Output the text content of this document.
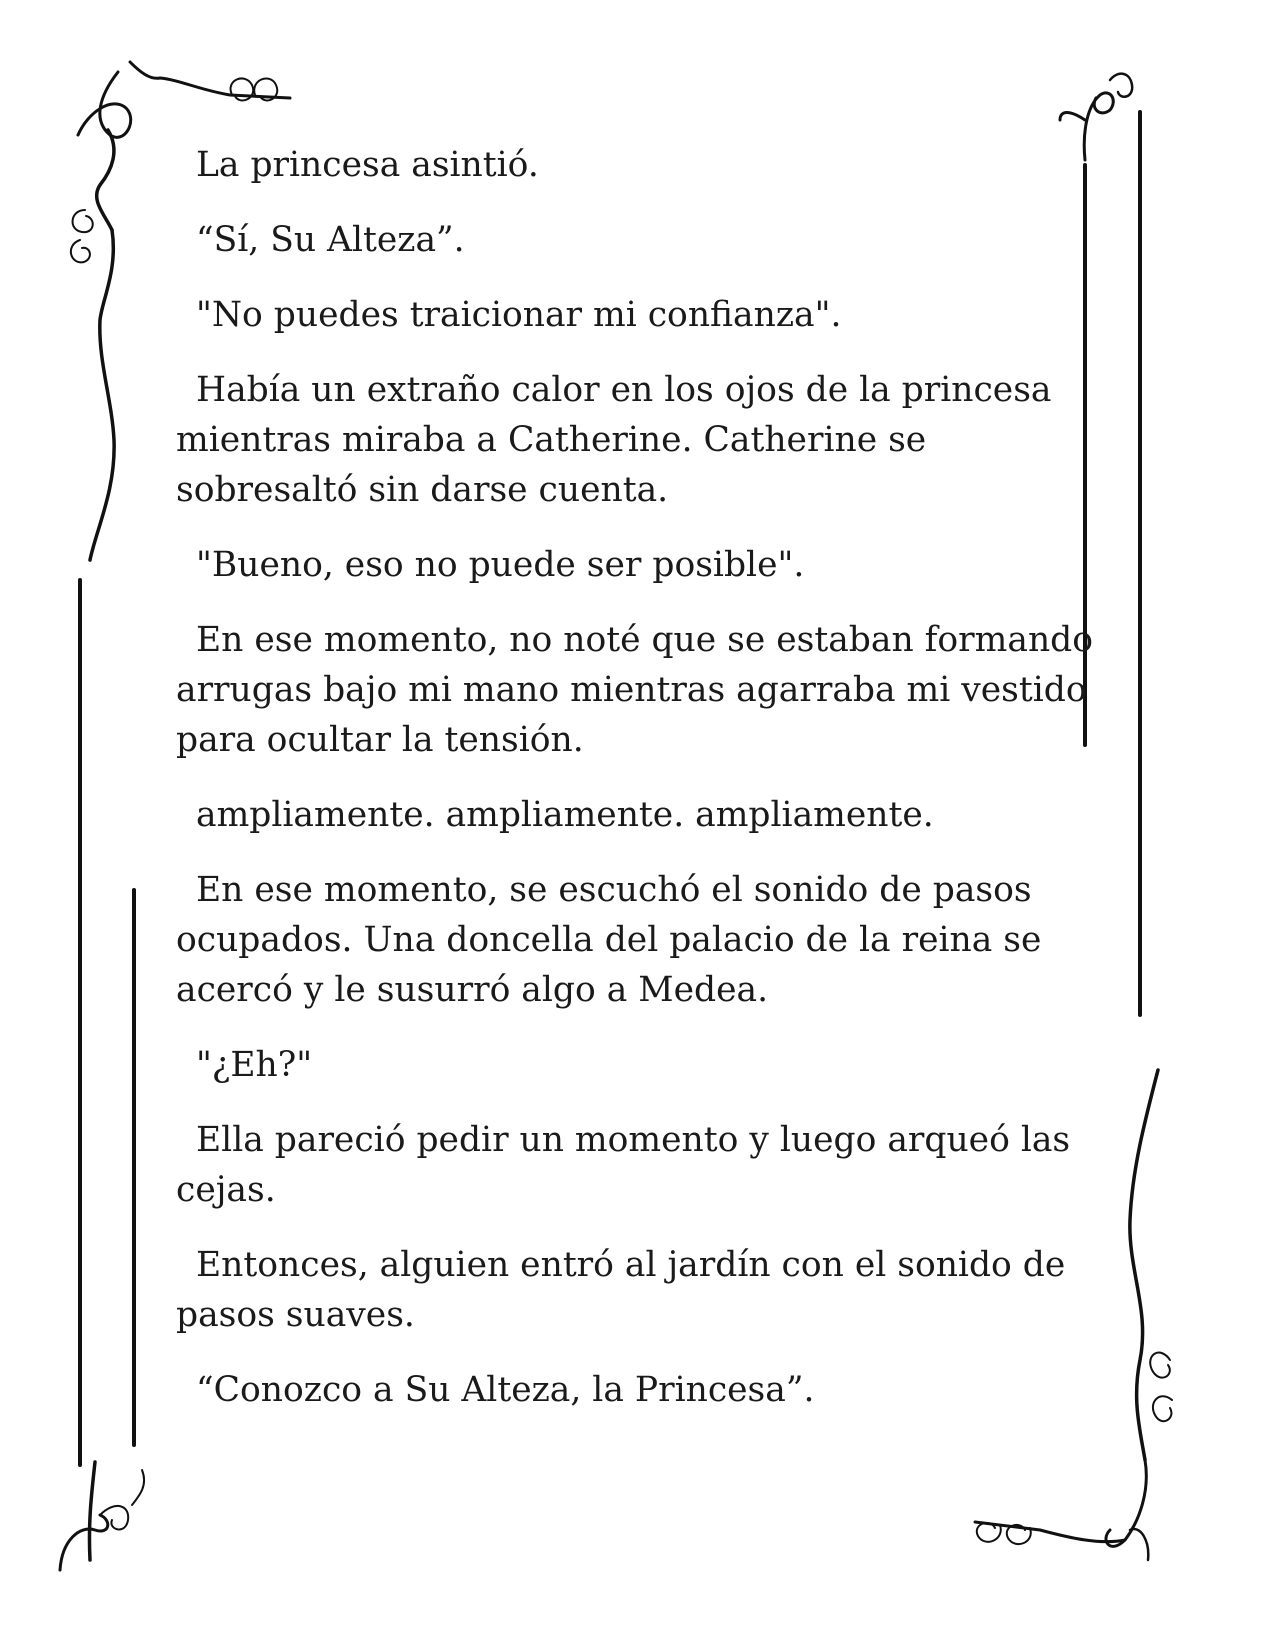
La princesa asintió.

“Sí, Su Alteza”.

"No puedes traicionar mi confianza".

Había un extraño calor en los ojos de la princesa mientras miraba a Catherine. Catherine se sobresaltó sin darse cuenta.

"Bueno, eso no puede ser posible".

En ese momento, no noté que se estaban formando arrugas bajo mi mano mientras agarraba mi vestido para ocultar la tensión.

ampliamente. ampliamente. ampliamente.

En ese momento, se escuchó el sonido de pasos ocupados. Una doncella del palacio de la reina se acercó y le susurró algo a Medea.

"¿Eh?"

Ella pareció pedir un momento y luego arqueó las cejas.

Entonces, alguien entró al jardín con el sonido de pasos suaves.

“Conozco a Su Alteza, la Princesa”.
